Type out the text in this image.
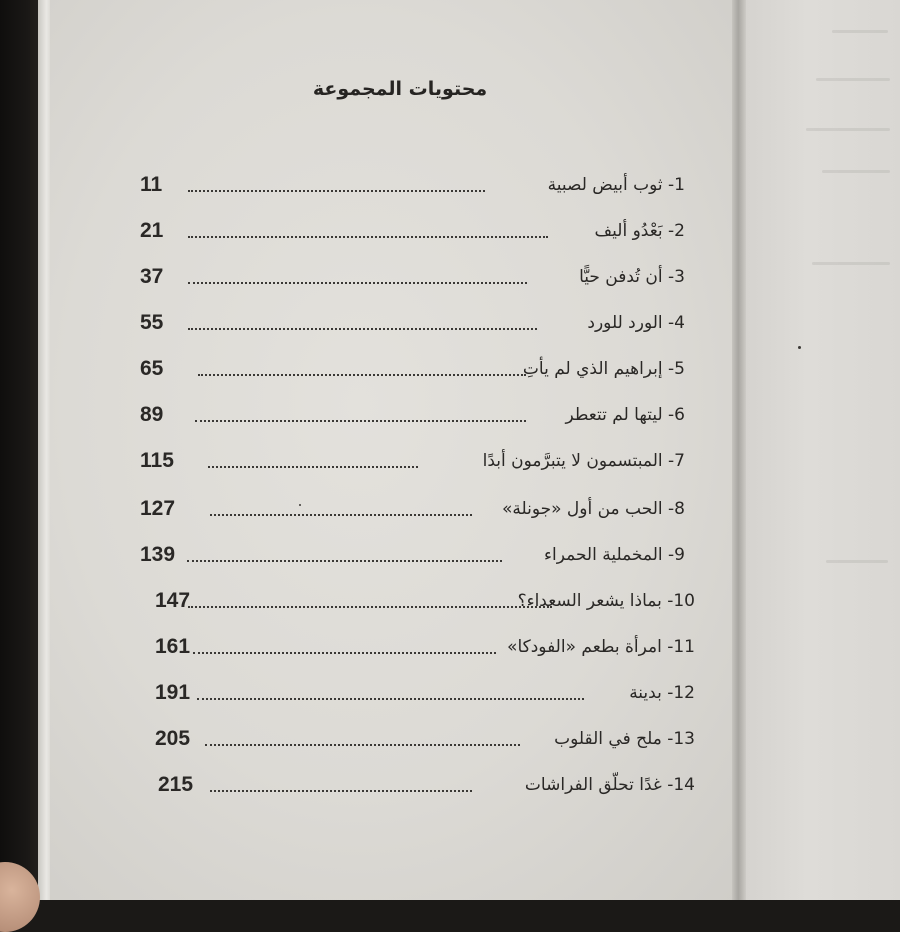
محتويات المجموعة
11	1- ثوب أبيض لصبية
21	2- بَعْدُو أليف
37	3- أن تُدفن حيًّا
55	4- الورد للورد
65	5- إبراهيم الذي لم يأتِ
89	6- ليتها لم تتعطر
115	7- المبتسمون لا يتبرَّمون أبدًا
127	8- الحب من أول «جونلة»
139	9- المخملية الحمراء
147	10- بماذا يشعر السعداء؟
161	11- امرأة بطعم «الفودكا»
191	12- بدينة
205	13- ملح في القلوب
215	14- غدًا تحلّق الفراشات
